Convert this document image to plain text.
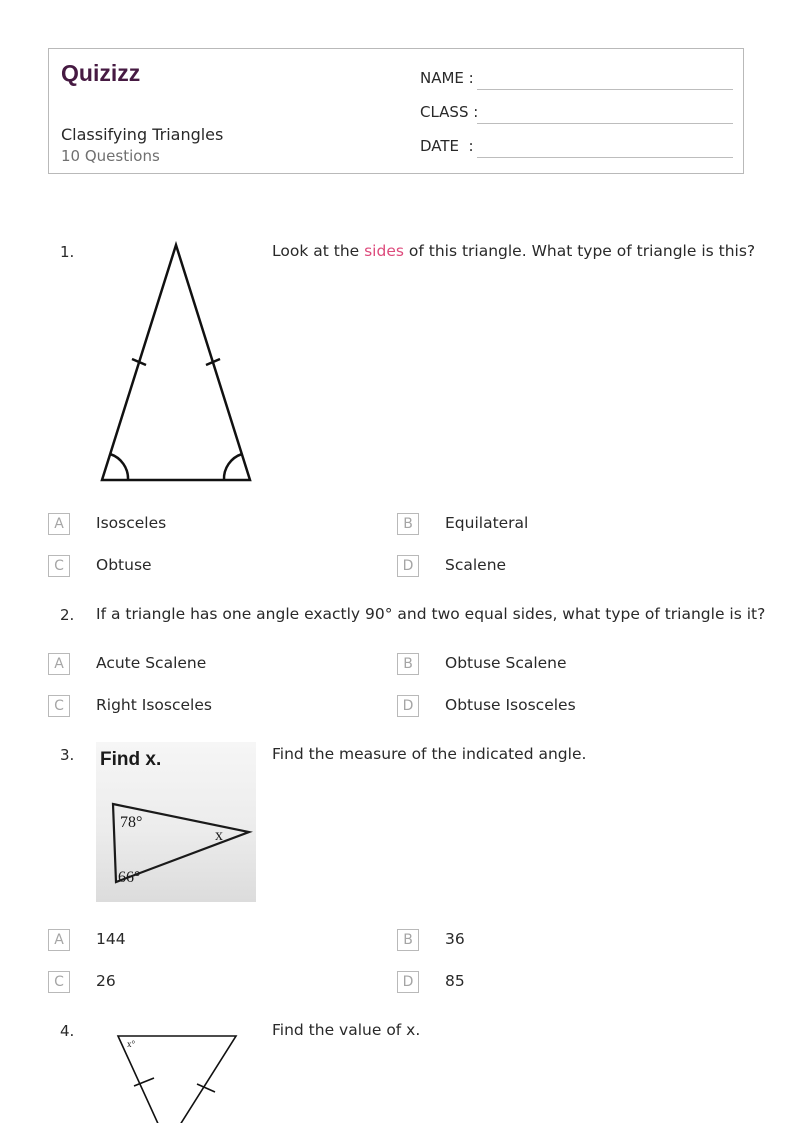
Quizizz
Classifying Triangles
10 Questions
NAME :
CLASS :
DATE  :
1.	Look at the sides of this triangle. What type of triangle is this?
A	Isosceles	B	Equilateral
C	Obtuse	D	Scalene
2. If a triangle has one angle exactly 90° and two equal sides, what type of triangle is it?
A	Acute Scalene	B	Obtuse Scalene
C	Right Isosceles	D	Obtuse Isosceles
3. Find x.
78°
66°
x
Find the measure of the indicated angle.
A	144	B	36
C	26	D	85
4.
x°
Find the value of x.
